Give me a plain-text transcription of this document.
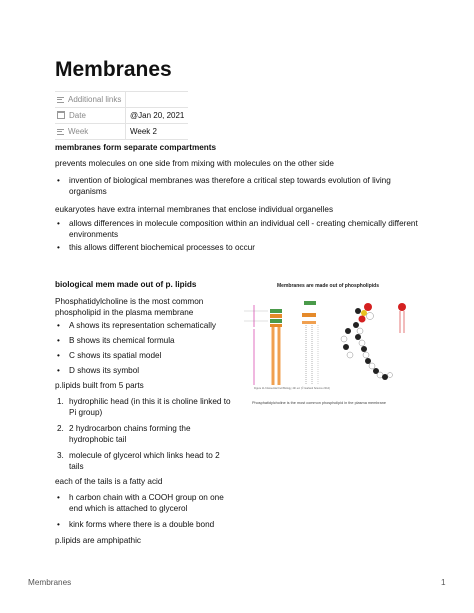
Membranes
Additional links	
Date	@Jan 20, 2021
Week	Week 2
membranes form separate compartments
prevents molecules on one side from mixing with molecules on the other side
• invention of biological membranes was therefore a critical step towards evolution of living
organisms
eukaryotes have extra internal membranes that enclose individual organelles
• allows differences in molecule composition within an individual cell - creating chemically different
environments
• this allows different biochemical processes to occur
biological mem made out of p. lipids
Phosphatidylcholine is the most common
phospholipid in the plasma membrane
• A shows its representation schematically
• B shows its chemical formula
• C shows its spatial model
• D shows its symbol
p.lipids built from 5 parts
1. hydrophilic head (in this it is choline linked to
Pi group)
2. 2 hydrocarbon chains forming the
hydrophobic tail
3. molecule of glycerol which links head to 2
tails
each of the tails is a fatty acid
• h carbon chain with a COOH group on one
end which is attached to glycerol
• kink forms where there is a double bond
p.lipids are amphipathic
Membranes are made out of phospholipids
Figure 11-6 Essential Cell Biology, 4th ed. (© Garland Science 2014)
Phosphatidylcholine is the most common phospholipid in the plasma membrane
Membranes	1
